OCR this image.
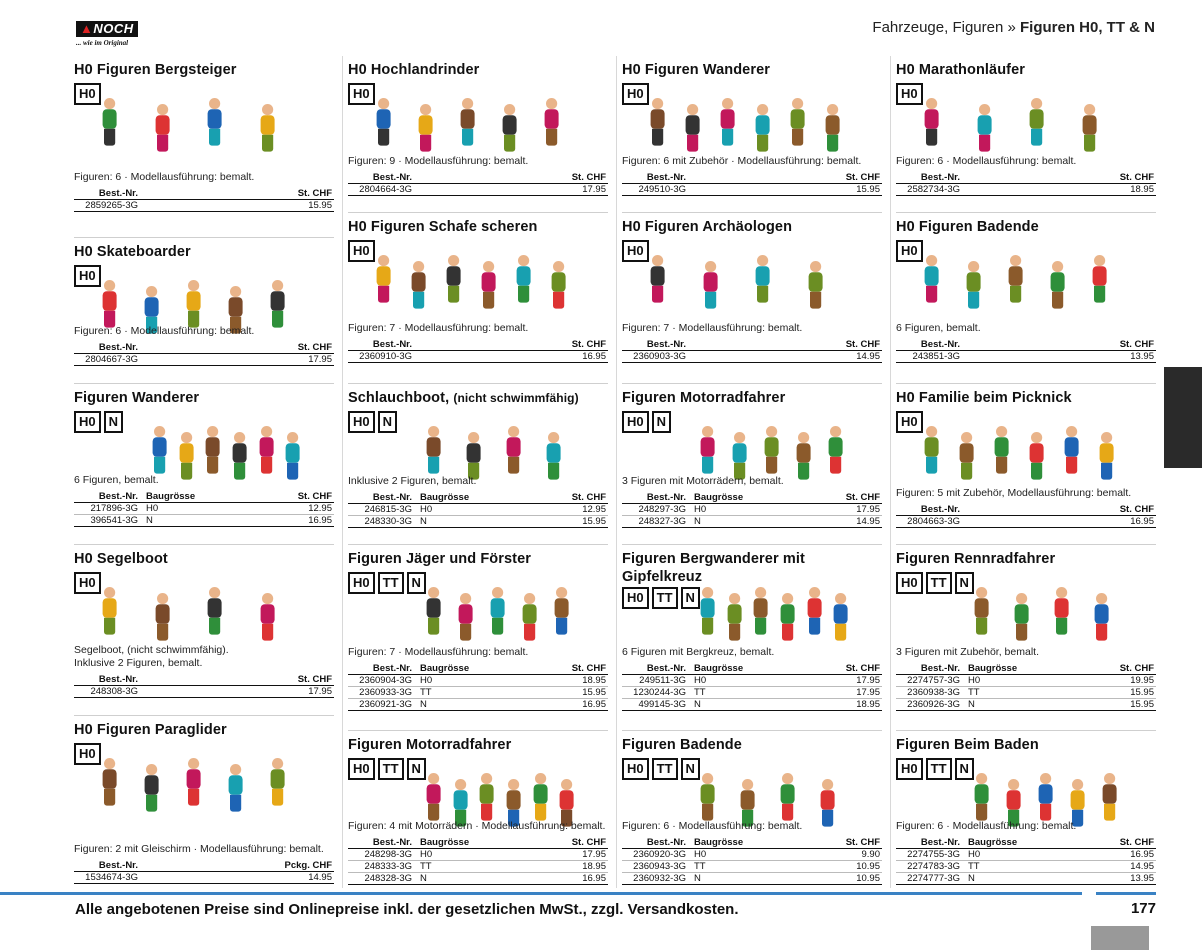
▲NOCH
... wie im Original
Fahrzeuge, Figuren » Figuren H0, TT & N
H0 Figuren Bergsteiger
H0
Figuren: 6 · Modellausführung: bemalt.
Best.-Nr.		St. CHF
2859265-3G		15.95
H0 Skateboarder
H0
Figuren: 6 · Modellausführung: bemalt.
Best.-Nr.		St. CHF
2804667-3G		17.95
Figuren Wanderer
H0	N
6 Figuren, bemalt.
Best.-Nr.	Baugrösse	St. CHF
217896-3G	H0	12.95
396541-3G	N	16.95
H0 Segelboot
H0
Segelboot, (nicht schwimmfähig).
Inklusive 2 Figuren, bemalt.
Best.-Nr.		St. CHF
248308-3G		17.95
H0 Figuren Paraglider
H0
Figuren: 2 mit Gleischirm · Modellausführung: bemalt.
Best.-Nr.		Pckg. CHF
1534674-3G		14.95
H0 Hochlandrinder
H0
Figuren: 9 · Modellausführung: bemalt.
Best.-Nr.		St. CHF
2804664-3G		17.95
H0 Figuren Schafe scheren
H0
Figuren: 7 · Modellausführung: bemalt.
Best.-Nr.		St. CHF
2360910-3G		16.95
Schlauchboot, (nicht schwimmfähig)
H0	N
Inklusive 2 Figuren, bemalt.
Best.-Nr.	Baugrösse	St. CHF
246815-3G	H0	12.95
248330-3G	N	15.95
Figuren Jäger und Förster
H0	TT	N
Figuren: 7 · Modellausführung: bemalt.
Best.-Nr.	Baugrösse	St. CHF
2360904-3G	H0	18.95
2360933-3G	TT	15.95
2360921-3G	N	16.95
Figuren Motorradfahrer
H0	TT	N
Figuren: 4 mit Motorrädern · Modellausführung: bemalt.
Best.-Nr.	Baugrösse	St. CHF
248298-3G	H0	17.95
248333-3G	TT	18.95
248328-3G	N	16.95
H0 Figuren Wanderer
H0
Figuren: 6 mit Zubehör · Modellausführung: bemalt.
Best.-Nr.		St. CHF
249510-3G		15.95
H0 Figuren Archäologen
H0
Figuren: 7 · Modellausführung: bemalt.
Best.-Nr.		St. CHF
2360903-3G		14.95
Figuren Motorradfahrer
H0	N
3 Figuren mit Motorrädern, bemalt.
Best.-Nr.	Baugrösse	St. CHF
248297-3G	H0	17.95
248327-3G	N	14.95
Figuren Bergwanderer mit
Gipfelkreuz
H0	TT	N
6 Figuren mit Bergkreuz, bemalt.
Best.-Nr.	Baugrösse	St. CHF
249511-3G	H0	17.95
1230244-3G	TT	17.95
499145-3G	N	18.95
Figuren Badende
H0	TT	N
Figuren: 6 · Modellausführung: bemalt.
Best.-Nr.	Baugrösse	St. CHF
2360920-3G	H0	9.90
2360943-3G	TT	10.95
2360932-3G	N	10.95
H0 Marathonläufer
H0
Figuren: 6 · Modellausführung: bemalt.
Best.-Nr.		St. CHF
2582734-3G		18.95
H0 Figuren Badende
H0
6 Figuren, bemalt.
Best.-Nr.		St. CHF
243851-3G		13.95
H0 Familie beim Picknick
H0
Figuren: 5 mit Zubehör, Modellausführung: bemalt.
Best.-Nr.		St. CHF
2804663-3G		16.95
Figuren Rennradfahrer
H0	TT	N
3 Figuren mit Zubehör, bemalt.
Best.-Nr.	Baugrösse	St. CHF
2274757-3G	H0	19.95
2360938-3G	TT	15.95
2360926-3G	N	15.95
Figuren Beim Baden
H0	TT	N
Figuren: 6 · Modellausführung: bemalt.
Best.-Nr.	Baugrösse	St. CHF
2274755-3G	H0	16.95
2274783-3G	TT	14.95
2274777-3G	N	13.95
Alle angebotenen Preise sind Onlinepreise inkl. der gesetzlichen MwSt., zzgl. Versandkosten.	177
